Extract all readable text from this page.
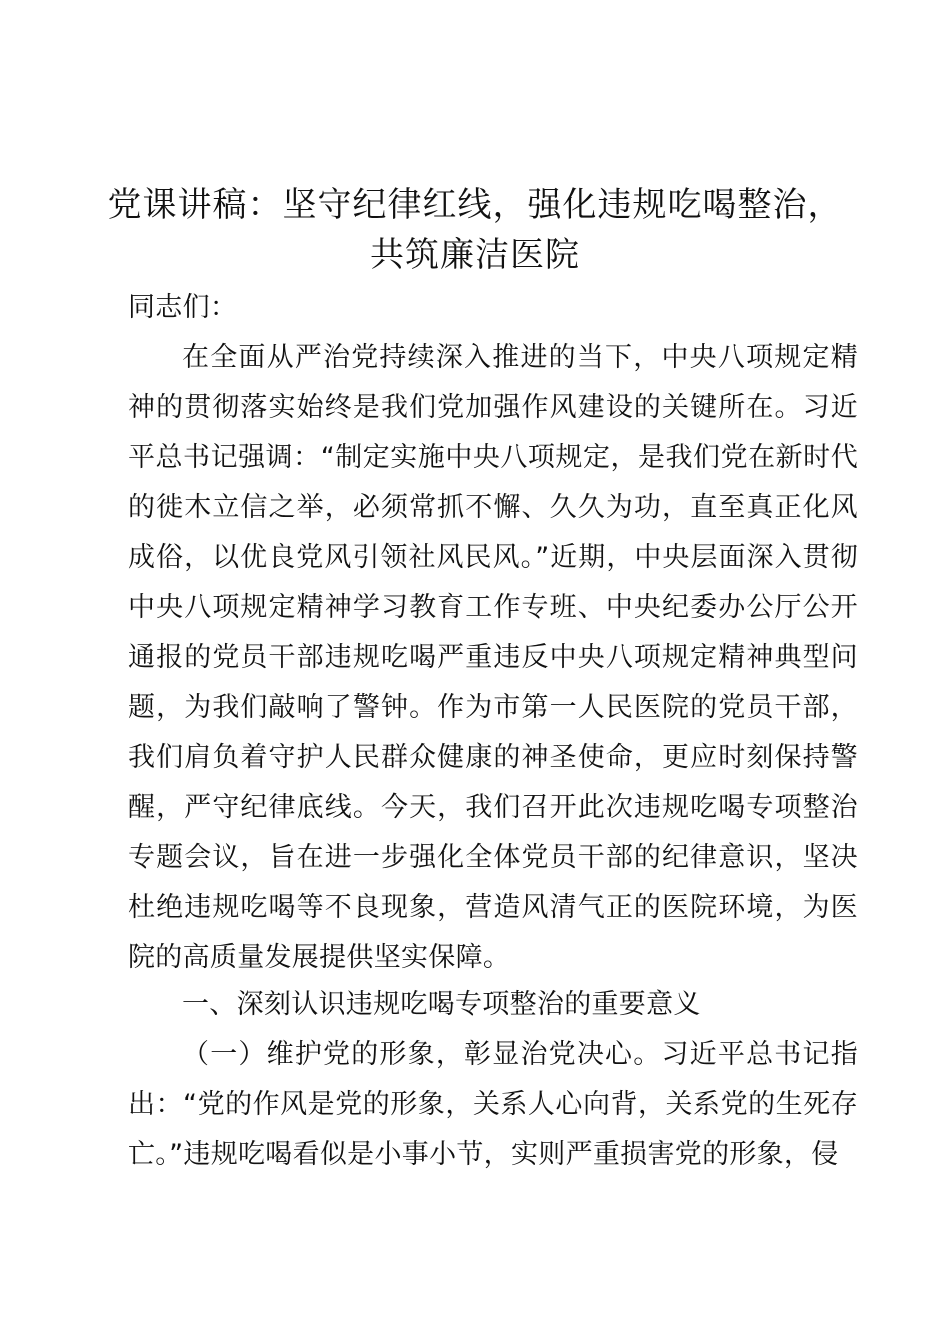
党课讲稿：坚守纪律红线，强化违规吃喝整治，
共筑廉洁医院
同志们：
在全面从严治党持续深入推进的当下，中央八项规定精神的贯彻落实始终是我们党加强作风建设的关键所在。习近平总书记强调：“制定实施中央八项规定，是我们党在新时代的徙木立信之举，必须常抓不懈、久久为功，直至真正化风成俗，以优良党风引领社风民风。”近期，中央层面深入贯彻中央八项规定精神学习教育工作专班、中央纪委办公厅公开通报的党员干部违规吃喝严重违反中央八项规定精神典型问题，为我们敲响了警钟。作为市第一人民医院的党员干部，我们肩负着守护人民群众健康的神圣使命，更应时刻保持警醒，严守纪律底线。今天，我们召开此次违规吃喝专项整治专题会议，旨在进一步强化全体党员干部的纪律意识，坚决杜绝违规吃喝等不良现象，营造风清气正的医院环境，为医院的高质量发展提供坚实保障。
一、深刻认识违规吃喝专项整治的重要意义
（一）维护党的形象，彰显治党决心。习近平总书记指出：“党的作风是党的形象，关系人心向背，关系党的生死存亡。”违规吃喝看似是小事小节，实则严重损害党的形象，侵
